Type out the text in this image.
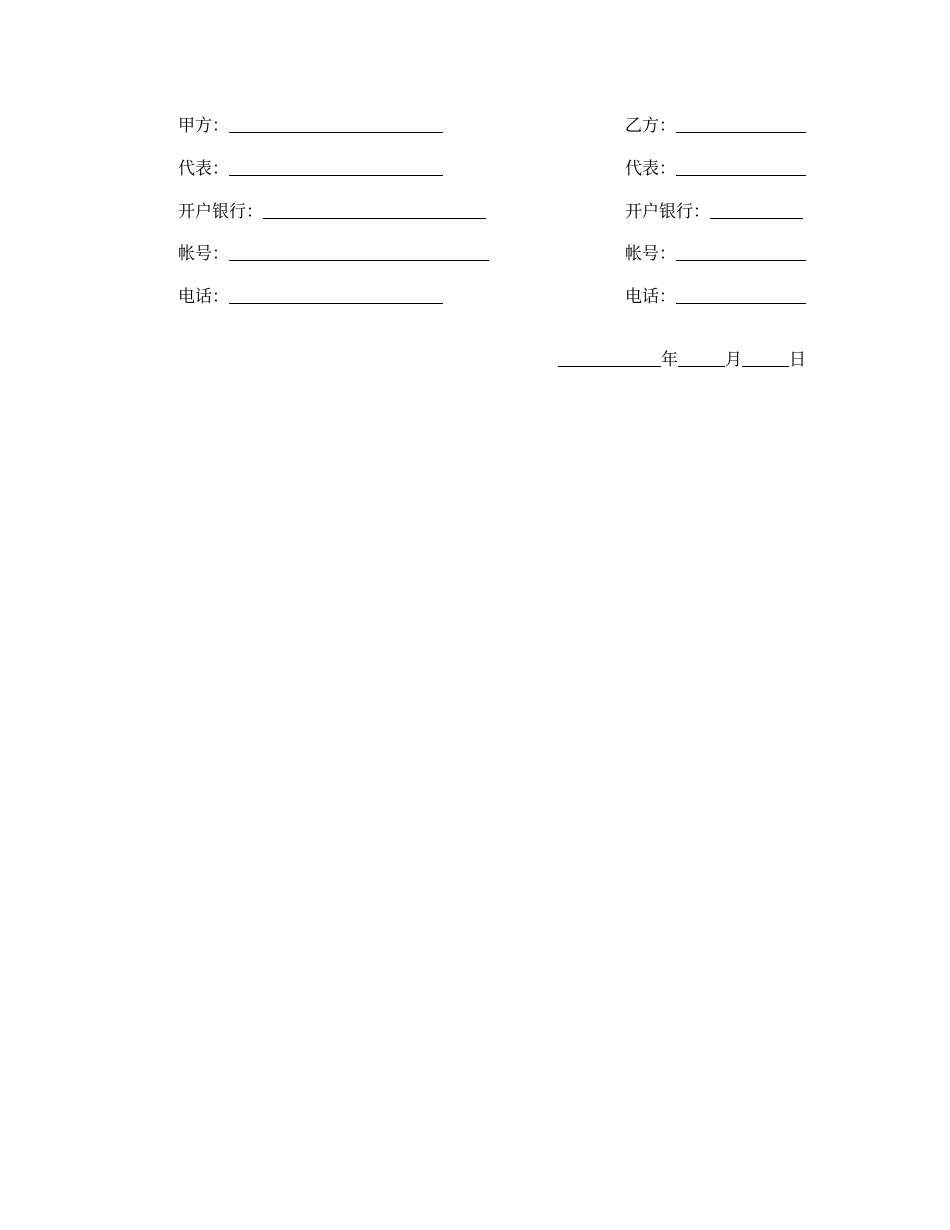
甲方：
代表：
开户银行：
帐号：
电话：
乙方：
代表：
开户银行：
帐号：
电话：
年	月	日
